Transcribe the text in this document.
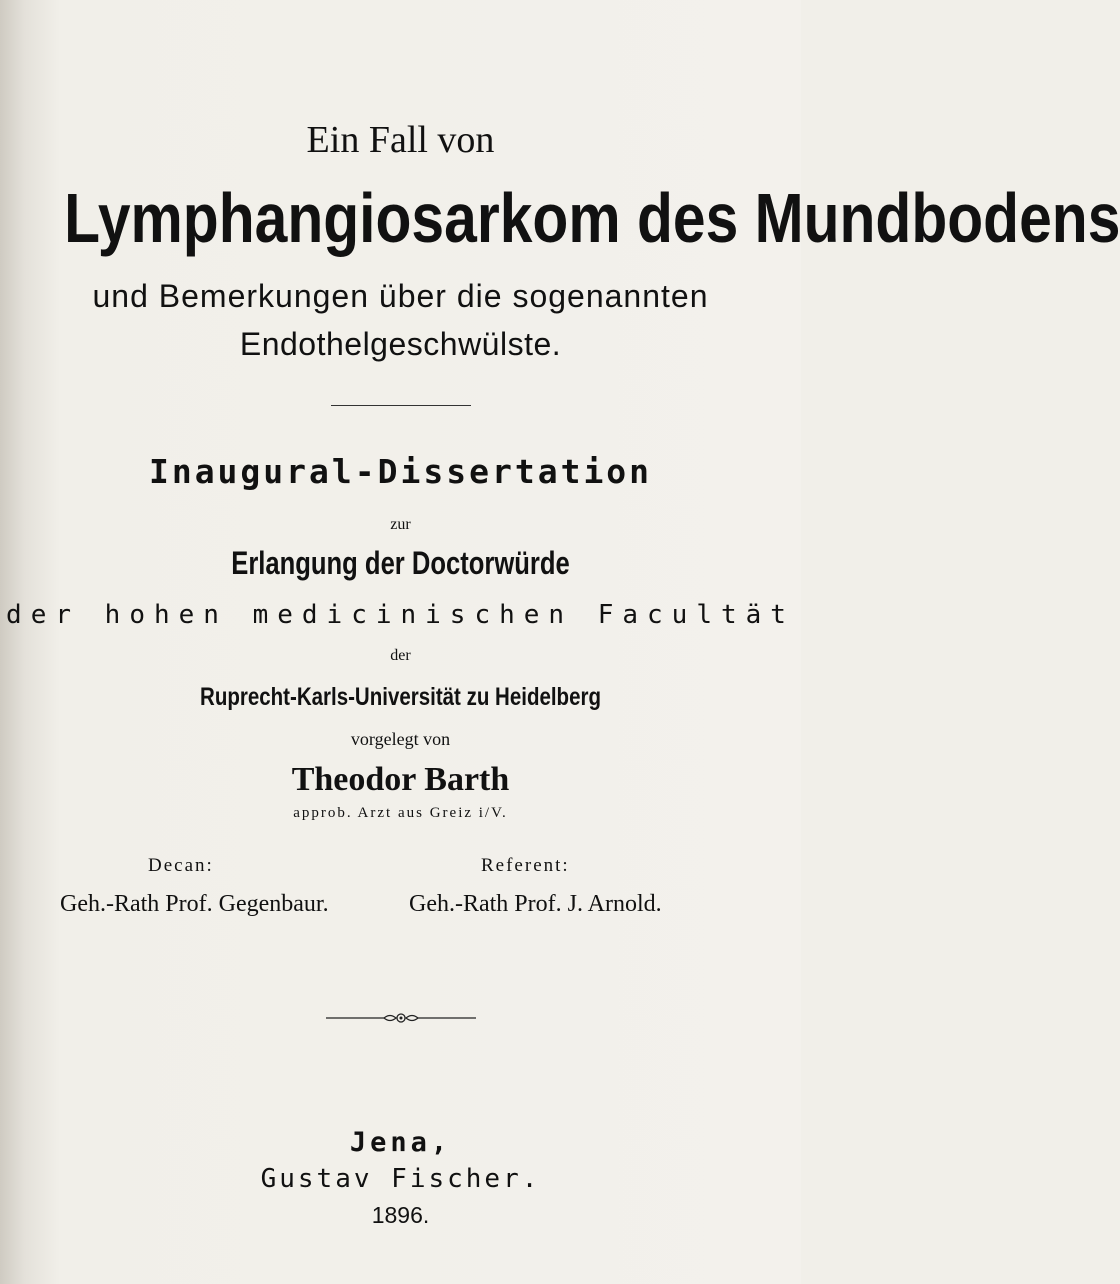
Ein Fall von
Lymphangiosarkom des Mundbodens
und Bemerkungen über die sogenannten
Endothelgeschwülste.
Inaugural-Dissertation
zur
Erlangung der Doctorwürde
der hohen medicinischen Facultät
der
Ruprecht-Karls-Universität zu Heidelberg
vorgelegt von
Theodor Barth
approb. Arzt aus Greiz i/V.
Decan:
Geh.-Rath Prof. Gegenbaur.
Referent:
Geh.-Rath Prof. J. Arnold.
Jena,
Gustav Fischer.
1896.
